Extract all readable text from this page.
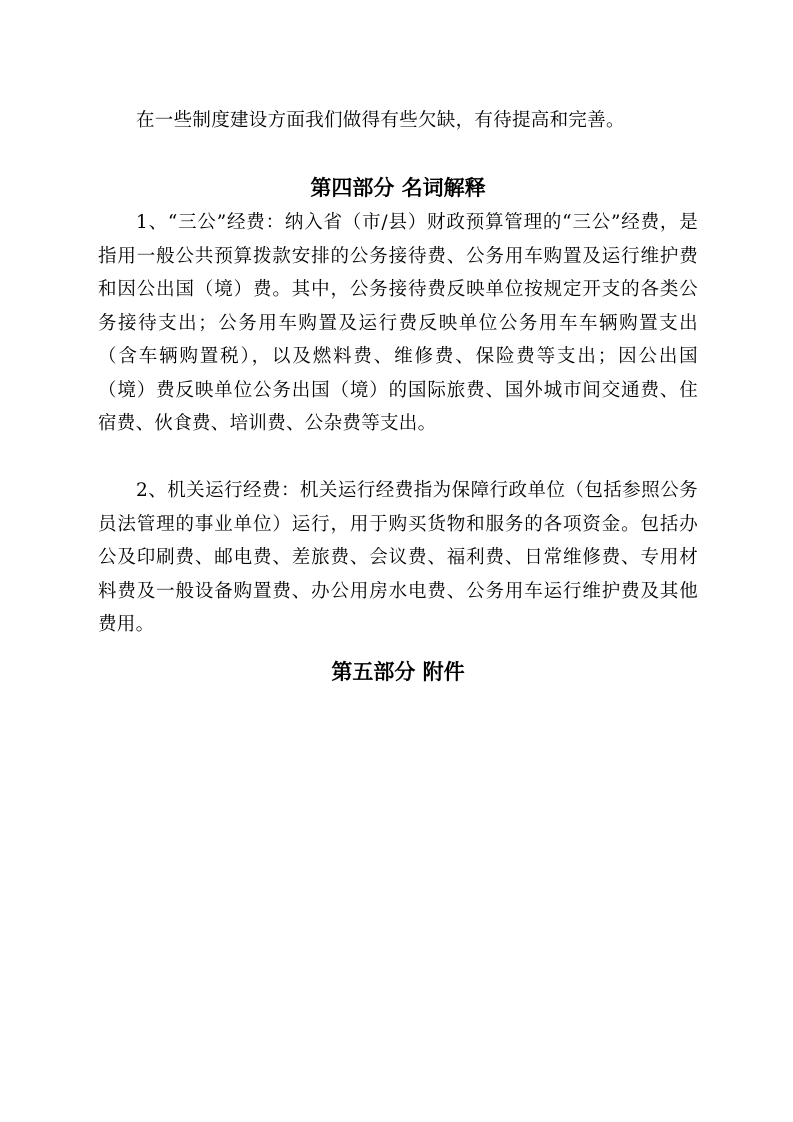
在一些制度建设方面我们做得有些欠缺，有待提高和完善。

第四部分 名词解释

1、“三公”经费：纳入省（市/县）财政预算管理的“三公”经费，是指用一般公共预算拨款安排的公务接待费、公务用车购置及运行维护费和因公出国（境）费。其中，公务接待费反映单位按规定开支的各类公务接待支出；公务用车购置及运行费反映单位公务用车车辆购置支出（含车辆购置税），以及燃料费、维修费、保险费等支出；因公出国（境）费反映单位公务出国（境）的国际旅费、国外城市间交通费、住宿费、伙食费、培训费、公杂费等支出。

2、机关运行经费：机关运行经费指为保障行政单位（包括参照公务员法管理的事业单位）运行，用于购买货物和服务的各项资金。包括办公及印刷费、邮电费、差旅费、会议费、福利费、日常维修费、专用材料费及一般设备购置费、办公用房水电费、公务用车运行维护费及其他费用。

第五部分 附件
